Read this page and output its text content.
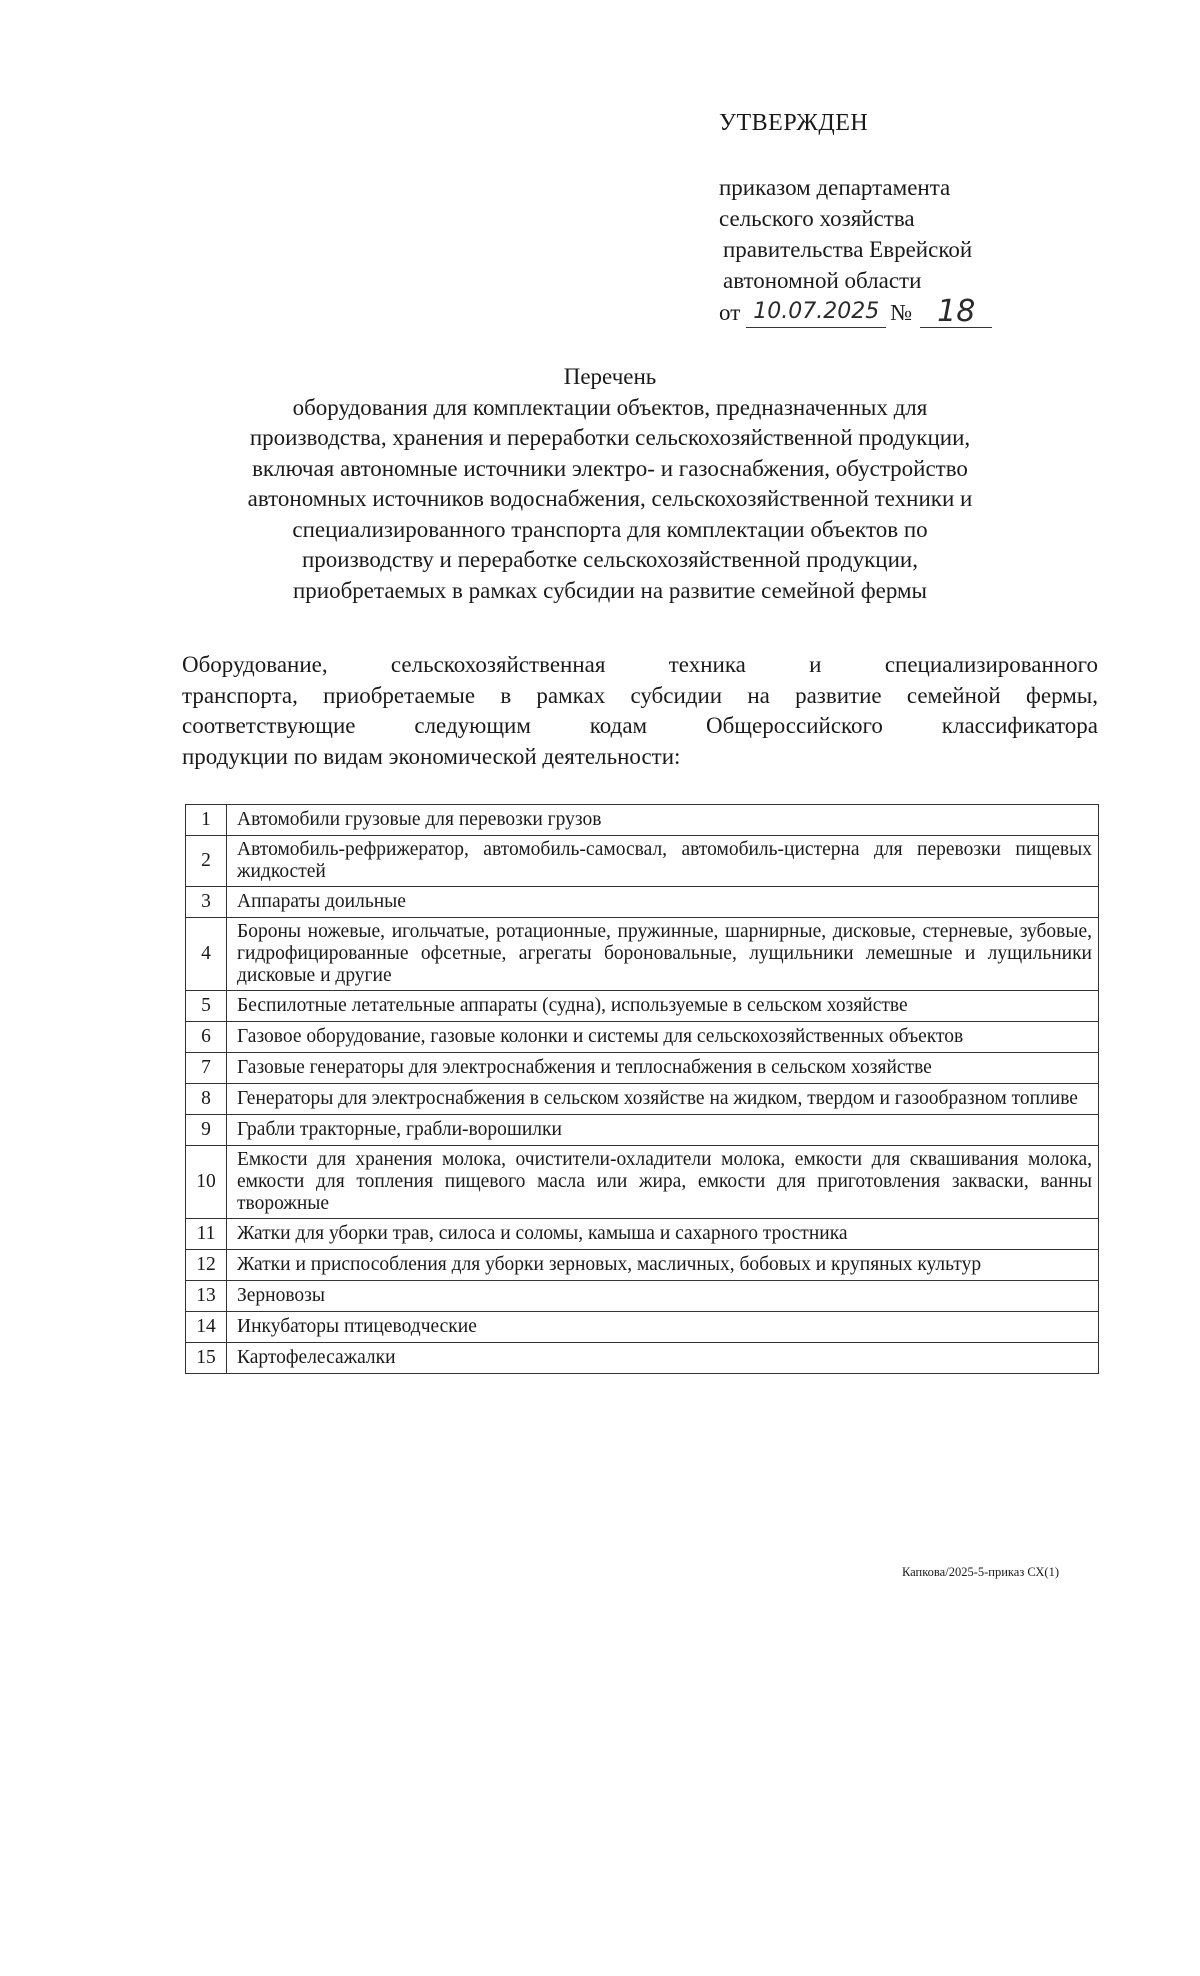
УТВЕРЖДЕН
приказом департамента
сельского хозяйства
правительства Еврейской
автономной области
от 10.07.2025 № 18
Перечень
оборудования для комплектации объектов, предназначенных для
производства, хранения и переработки сельскохозяйственной продукции,
включая автономные источники электро- и газоснабжения, обустройство
автономных источников водоснабжения, сельскохозяйственной техники и
специализированного транспорта для комплектации объектов по
производству и переработке сельскохозяйственной продукции,
приобретаемых в рамках субсидии на развитие семейной фермы
Оборудование, сельскохозяйственная техника и специализированного
транспорта, приобретаемые в рамках субсидии на развитие семейной фермы,
соответствующие следующим кодам Общероссийского классификатора
продукции по видам экономической деятельности:
1	Автомобили грузовые для перевозки грузов
2	Автомобиль-рефрижератор, автомобиль-самосвал, автомобиль-цистерна для перевозки пищевых жидкостей
3	Аппараты доильные
4	Бороны ножевые, игольчатые, ротационные, пружинные, шарнирные, дисковые, стерневые, зубовые, гидрофицированные офсетные, агрегаты бороновальные, лущильники лемешные и лущильники дисковые и другие
5	Беспилотные летательные аппараты (судна), используемые в сельском хозяйстве
6	Газовое оборудование, газовые колонки и системы для сельскохозяйственных объектов
7	Газовые генераторы для электроснабжения и теплоснабжения в сельском хозяйстве
8	Генераторы для электроснабжения в сельском хозяйстве на жидком, твердом и газообразном топливе
9	Грабли тракторные, грабли-ворошилки
10	Емкости для хранения молока, очистители-охладители молока, емкости для сквашивания молока, емкости для топления пищевого масла или жира, емкости для приготовления закваски, ванны творожные
11	Жатки для уборки трав, силоса и соломы, камыша и сахарного тростника
12	Жатки и приспособления для уборки зерновых, масличных, бобовых и крупяных культур
13	Зерновозы
14	Инкубаторы птицеводческие
15	Картофелесажалки
Капкова/2025-5-приказ СХ(1)
